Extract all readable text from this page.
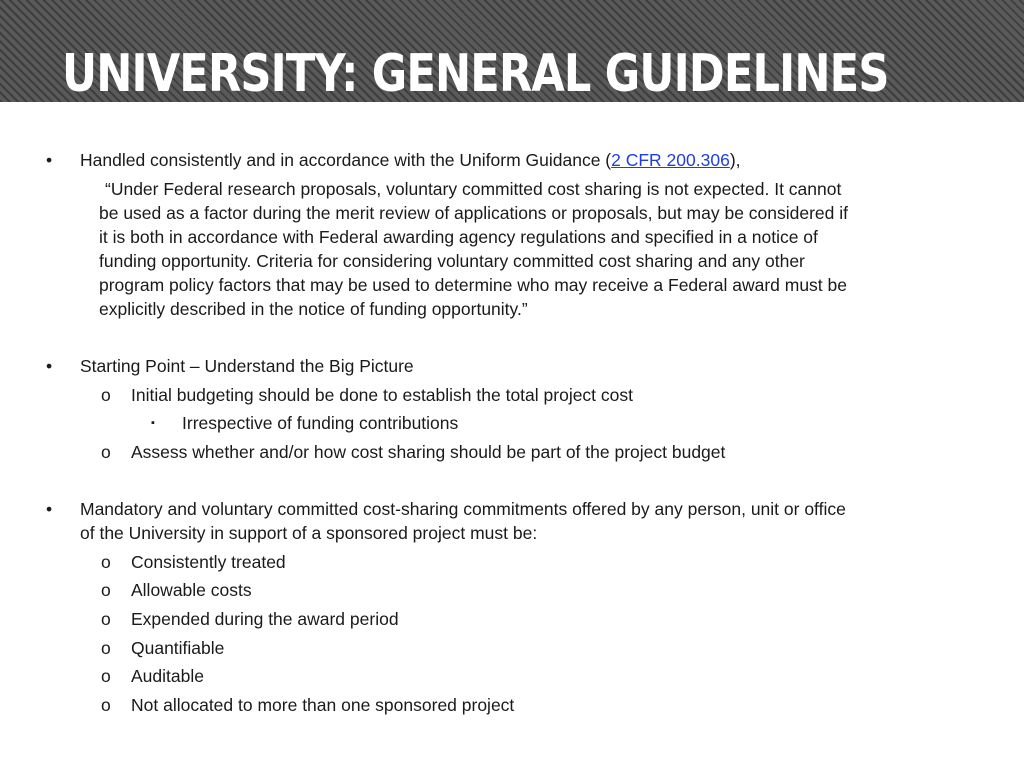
UNIVERSITY: GENERAL GUIDELINES
• Handled consistently and in accordance with the Uniform Guidance (2 CFR 200.306),
“Under Federal research proposals, voluntary committed cost sharing is not expected. It cannot
be used as a factor during the merit review of applications or proposals, but may be considered if
it is both in accordance with Federal awarding agency regulations and specified in a notice of
funding opportunity. Criteria for considering voluntary committed cost sharing and any other
program policy factors that may be used to determine who may receive a Federal award must be
explicitly described in the notice of funding opportunity.”
• Starting Point – Understand the Big Picture
o Initial budgeting should be done to establish the total project cost
▪ Irrespective of funding contributions
o Assess whether and/or how cost sharing should be part of the project budget
• Mandatory and voluntary committed cost-sharing commitments offered by any person, unit or office
of the University in support of a sponsored project must be:
o Consistently treated
o Allowable costs
o Expended during the award period
o Quantifiable
o Auditable
o Not allocated to more than one sponsored project
